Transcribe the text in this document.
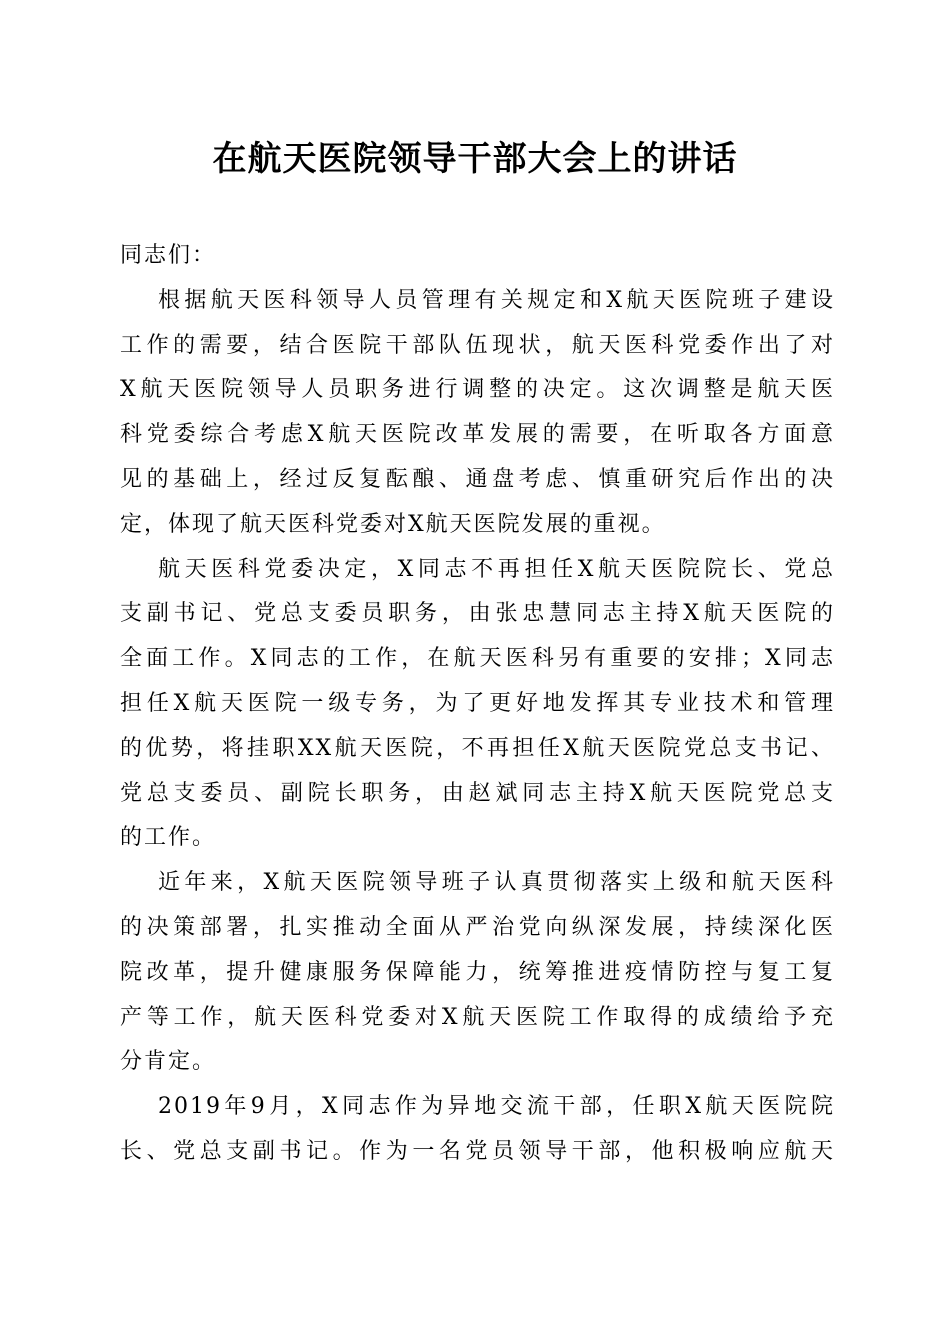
在航天医院领导干部大会上的讲话

同志们：

根据航天医科领导人员管理有关规定和X航天医院班子建设
工作的需要，结合医院干部队伍现状，航天医科党委作出了对
X航天医院领导人员职务进行调整的决定。这次调整是航天医
科党委综合考虑X航天医院改革发展的需要，在听取各方面意
见的基础上，经过反复酝酿、通盘考虑、慎重研究后作出的决
定，体现了航天医科党委对X航天医院发展的重视。
航天医科党委决定，X同志不再担任X航天医院院长、党总
支副书记、党总支委员职务，由张忠慧同志主持X航天医院的
全面工作。X同志的工作，在航天医科另有重要的安排；X同志
担任X航天医院一级专务，为了更好地发挥其专业技术和管理
的优势，将挂职XX航天医院，不再担任X航天医院党总支书记、
党总支委员、副院长职务，由赵斌同志主持X航天医院党总支
的工作。
近年来，X航天医院领导班子认真贯彻落实上级和航天医科
的决策部署，扎实推动全面从严治党向纵深发展，持续深化医
院改革，提升健康服务保障能力，统筹推进疫情防控与复工复
产等工作，航天医科党委对X航天医院工作取得的成绩给予充
分肯定。
2019年9月，X同志作为异地交流干部，任职X航天医院院
长、党总支副书记。作为一名党员领导干部，他积极响应航天
